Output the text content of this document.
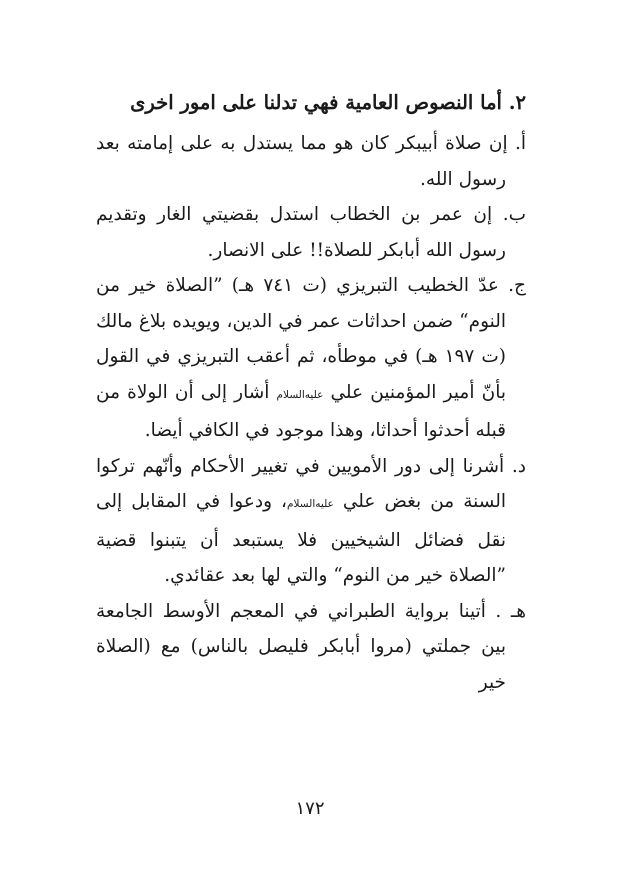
٢. أما النصوص العامية فهي تدلنا على امور اخرى

أ. إن صلاة أبيبكر كان هو مما يستدل به على إمامته بعد رسول الله.

ب. إن عمر بن الخطاب استدل بقضيتي الغار وتقديم رسول الله أبابكر للصلاة!! على الانصار.

ج. عدّ الخطيب التبريزي (ت ٧٤١ هـ) ”الصلاة خير من النوم“ ضمن احداثات عمر في الدين، ويويده بلاغ مالك (ت ١٩٧ هـ) في موطأه، ثم أعقب التبريزي في القول بأنّ أمير المؤمنين علي عليه‌السلام أشار إلى أن الولاة من قبله أحدثوا أحداثا، وهذا موجود في الكافي أيضا.

د. أشرنا إلى دور الأمويين في تغيير الأحكام وأنّهم تركوا السنة من بغض علي عليه‌السلام، ودعوا في المقابل إلى نقل فضائل الشيخيين فلا يستبعد أن يتبنوا قضية ”الصلاة خير من النوم“ والتي لها بعد عقائدي.

هـ . أتينا برواية الطبراني في المعجم الأوسط الجامعة بين جملتي (مروا أبابكر فليصل بالناس) مع (الصلاة خير

١٧٢
